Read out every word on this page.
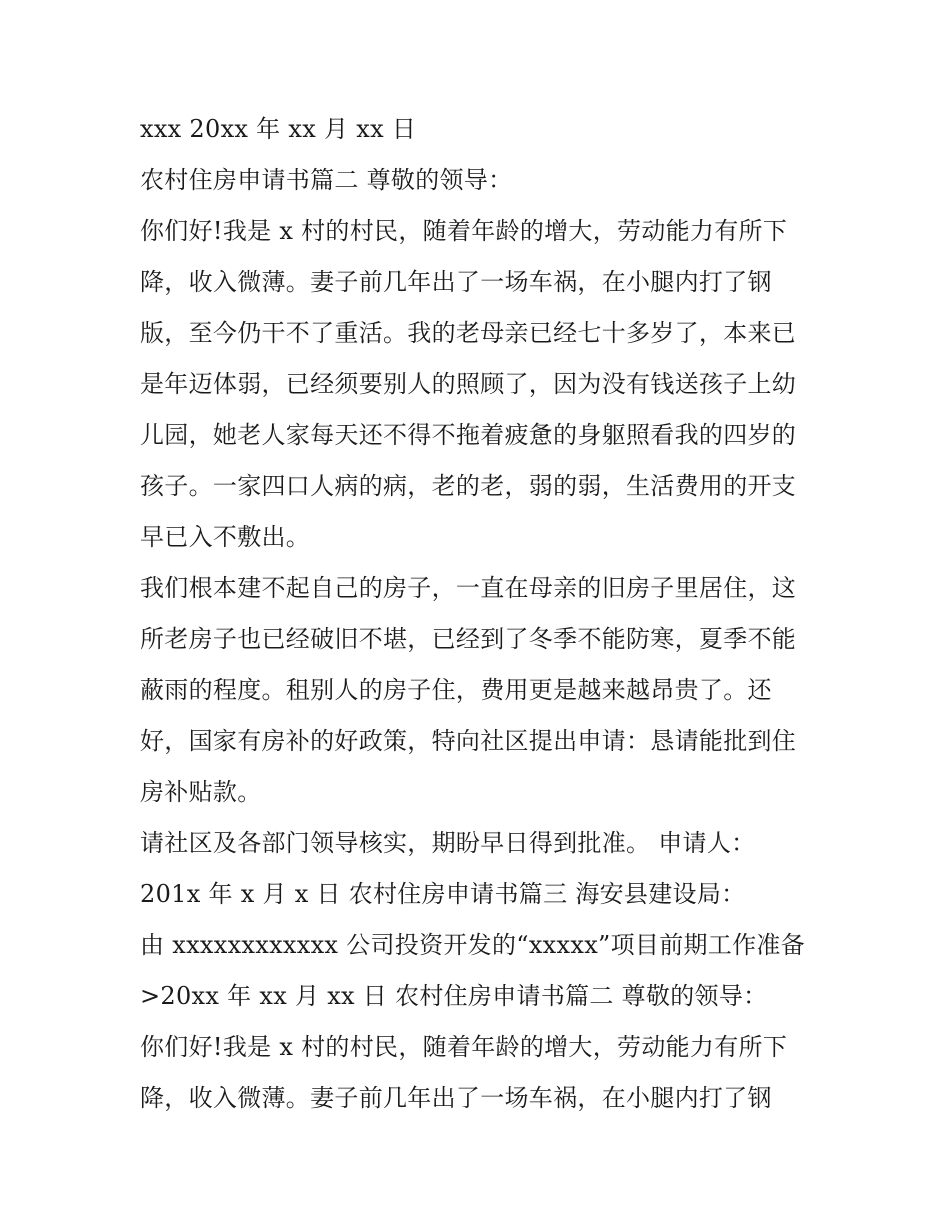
xxx 20xx 年 xx 月 xx 日
农村住房申请书篇二 尊敬的领导：
你们好!我是 x 村的村民，随着年龄的增大，劳动能力有所下
降，收入微薄。妻子前几年出了一场车祸，在小腿内打了钢
版，至今仍干不了重活。我的老母亲已经七十多岁了，本来已
是年迈体弱，已经须要别人的照顾了，因为没有钱送孩子上幼
儿园，她老人家每天还不得不拖着疲惫的身躯照看我的四岁的
孩子。一家四口人病的病，老的老，弱的弱，生活费用的开支
早已入不敷出。
我们根本建不起自己的房子，一直在母亲的旧房子里居住，这
所老房子也已经破旧不堪，已经到了冬季不能防寒，夏季不能
蔽雨的程度。租别人的房子住，费用更是越来越昂贵了。还
好，国家有房补的好政策，特向社区提出申请：恳请能批到住
房补贴款。
请社区及各部门领导核实，期盼早日得到批准。 申请人：
201x 年 x 月 x 日 农村住房申请书篇三 海安县建设局：
由 xxxxxxxxxxxx 公司投资开发的“xxxxx”项目前期工作准备
>20xx 年 xx 月 xx 日 农村住房申请书篇二 尊敬的领导：
你们好!我是 x 村的村民，随着年龄的增大，劳动能力有所下
降，收入微薄。妻子前几年出了一场车祸，在小腿内打了钢
